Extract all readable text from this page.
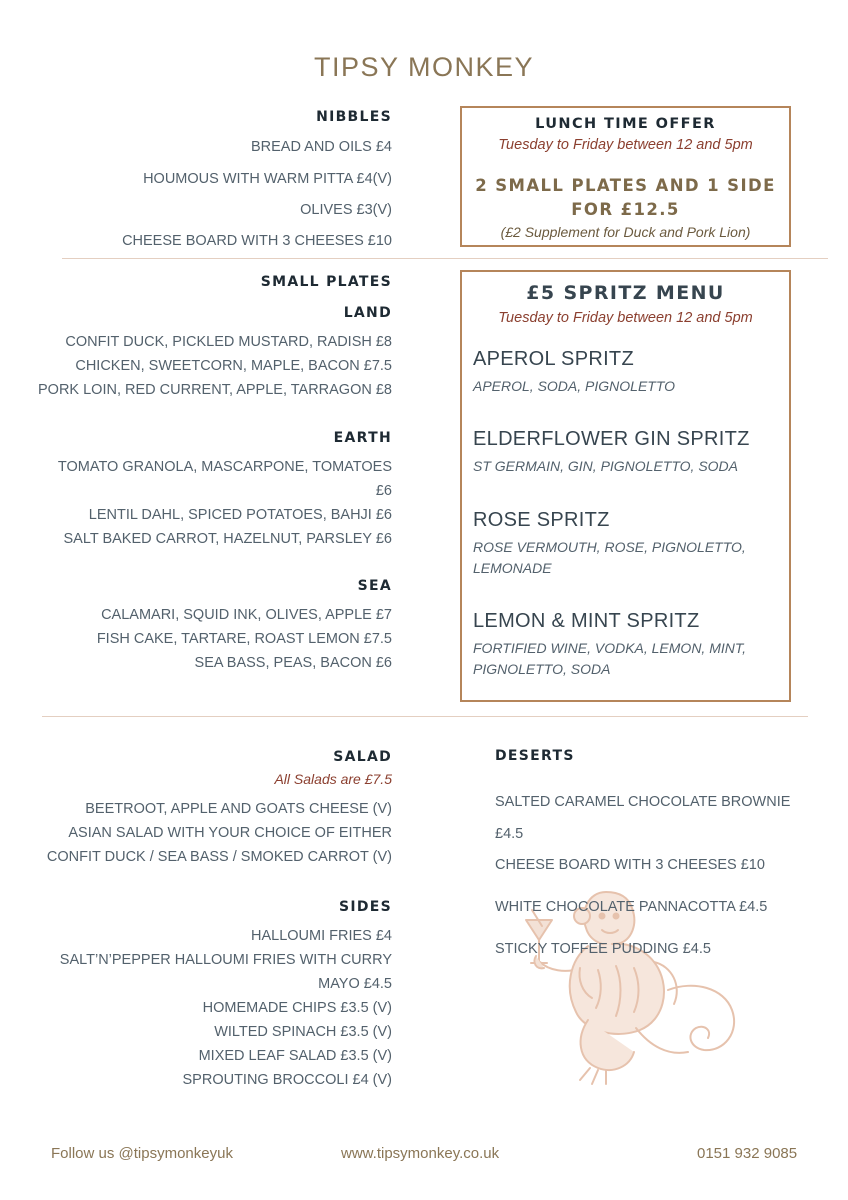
TIPSY MONKEY
NIBBLES
BREAD AND OILS £4
HOUMOUS WITH WARM PITTA £4(V)
OLIVES £3(V)
CHEESE BOARD WITH 3 CHEESES £10
LUNCH TIME OFFER
Tuesday to Friday between 12 and 5pm
2 SMALL PLATES AND 1 SIDE
FOR £12.5
(£2 Supplement for Duck and Pork Lion)
SMALL PLATES
LAND
CONFIT DUCK, PICKLED MUSTARD, RADISH £8
CHICKEN, SWEETCORN, MAPLE, BACON £7.5
PORK LOIN, RED CURRENT, APPLE, TARRAGON £8
EARTH
TOMATO GRANOLA, MASCARPONE, TOMATOES
£6
LENTIL DAHL, SPICED POTATOES, BAHJI £6
SALT BAKED CARROT, HAZELNUT, PARSLEY £6
SEA
CALAMARI, SQUID INK, OLIVES, APPLE £7
FISH CAKE, TARTARE, ROAST LEMON £7.5
SEA BASS, PEAS, BACON £6
£5 SPRITZ MENU
Tuesday to Friday between 12 and 5pm
APEROL SPRITZ
APEROL, SODA, PIGNOLETTO
ELDERFLOWER GIN SPRITZ
ST GERMAIN, GIN, PIGNOLETTO, SODA
ROSE SPRITZ
ROSE VERMOUTH, ROSE, PIGNOLETTO,
LEMONADE
LEMON & MINT SPRITZ
FORTIFIED WINE, VODKA, LEMON, MINT,
PIGNOLETTO, SODA
SALAD
All Salads are £7.5
BEETROOT, APPLE AND GOATS CHEESE (V)
ASIAN SALAD WITH YOUR CHOICE OF EITHER
CONFIT DUCK / SEA BASS / SMOKED CARROT (V)
SIDES
HALLOUMI FRIES £4
SALT’N’PEPPER HALLOUMI FRIES WITH CURRY
MAYO £4.5
HOMEMADE CHIPS £3.5 (V)
WILTED SPINACH £3.5 (V)
MIXED LEAF SALAD £3.5 (V)
SPROUTING BROCCOLI £4 (V)
DESERTS
SALTED CARAMEL CHOCOLATE BROWNIE
£4.5
CHEESE BOARD WITH 3 CHEESES £10
WHITE CHOCOLATE PANNACOTTA £4.5
STICKY TOFFEE PUDDING £4.5
Follow us @tipsymonkeyuk	www.tipsymonkey.co.uk	0151 932 9085
